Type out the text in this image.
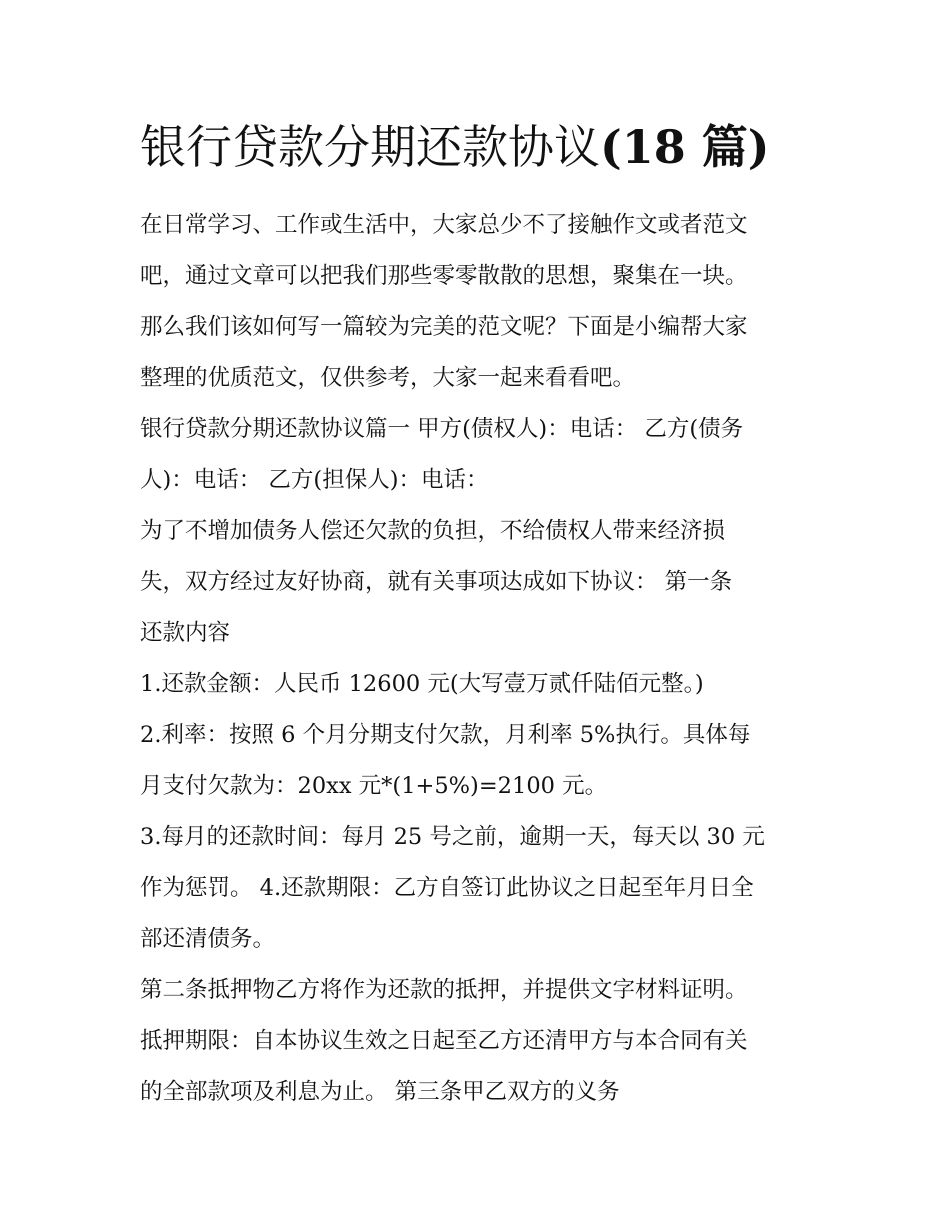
银行贷款分期还款协议(18 篇)

在日常学习、工作或生活中，大家总少不了接触作文或者范文
吧，通过文章可以把我们那些零零散散的思想，聚集在一块。
那么我们该如何写一篇较为完美的范文呢？下面是小编帮大家
整理的优质范文，仅供参考，大家一起来看看吧。

银行贷款分期还款协议篇一 甲方(债权人)：电话： 乙方(债务
人)：电话： 乙方(担保人)：电话：

为了不增加债务人偿还欠款的负担，不给债权人带来经济损
失，双方经过友好协商，就有关事项达成如下协议： 第一条
还款内容

1.还款金额：人民币 12600 元(大写壹万贰仟陆佰元整。)

2.利率：按照 6 个月分期支付欠款，月利率 5%执行。具体每
月支付欠款为：20xx 元*(1+5%)=2100 元。

3.每月的还款时间：每月 25 号之前，逾期一天，每天以 30 元
作为惩罚。 4.还款期限：乙方自签订此协议之日起至年月日全
部还清债务。

第二条抵押物乙方将作为还款的抵押，并提供文字材料证明。

抵押期限：自本协议生效之日起至乙方还清甲方与本合同有关
的全部款项及利息为止。 第三条甲乙双方的义务
